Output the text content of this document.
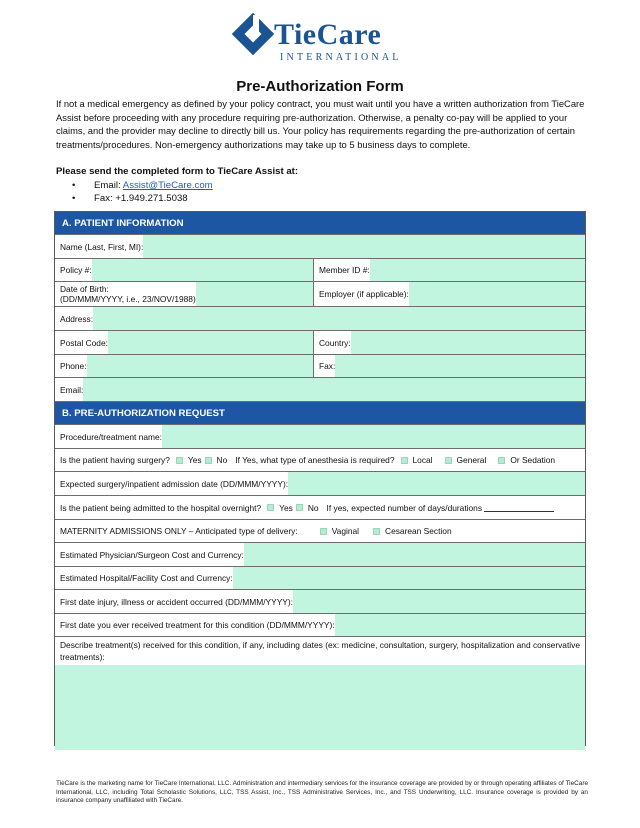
TieCare
INTERNATIONAL
Pre-Authorization Form
If not a medical emergency as defined by your policy contract, you must wait until you have a written authorization from TieCare Assist before proceeding with any procedure requiring pre-authorization. Otherwise, a penalty co-pay will be applied to your claims, and the provider may decline to directly bill us. Your policy has requirements regarding the pre-authorization of certain treatments/procedures. Non-emergency authorizations may take up to 5 business days to complete.
Please send the completed form to TieCare Assist at:
• Email: Assist@TieCare.com
• Fax: +1.949.271.5038
A. PATIENT INFORMATION
Name (Last, First, MI):
Policy #:	Member ID #:
Date of Birth:
(DD/MMM/YYYY, i.e., 23/NOV/1988)	Employer (if applicable):
Address:
Postal Code:	Country:
Phone:	Fax:
Email:
B. PRE-AUTHORIZATION REQUEST
Procedure/treatment name:
Is the patient having surgery? Yes No If Yes, what type of anesthesia is required? Local	General	Or Sedation
Expected surgery/inpatient admission date (DD/MMM/YYYY):
Is the patient being admitted to the hospital overnight? Yes No If yes, expected number of days/durations
MATERNITY ADMISSIONS ONLY – Anticipated type of delivery:	Vaginal	Cesarean Section
Estimated Physician/Surgeon Cost and Currency:
Estimated Hospital/Facility Cost and Currency:
First date injury, illness or accident occurred (DD/MMM/YYYY):
First date you ever received treatment for this condition (DD/MMM/YYYY):
Describe treatment(s) received for this condition, if any, including dates (ex: medicine, consultation, surgery, hospitalization and conservative treatments):
TieCare is the marketing name for TieCare International, LLC. Administration and intermediary services for the insurance coverage are provided by or through operating affiliates of TieCare International, LLC, including Total Scholastic Solutions, LLC, TSS Assist, Inc., TSS Administrative Services, Inc., and TSS Underwriting, LLC. Insurance coverage is provided by an insurance company unaffiliated with TieCare.
